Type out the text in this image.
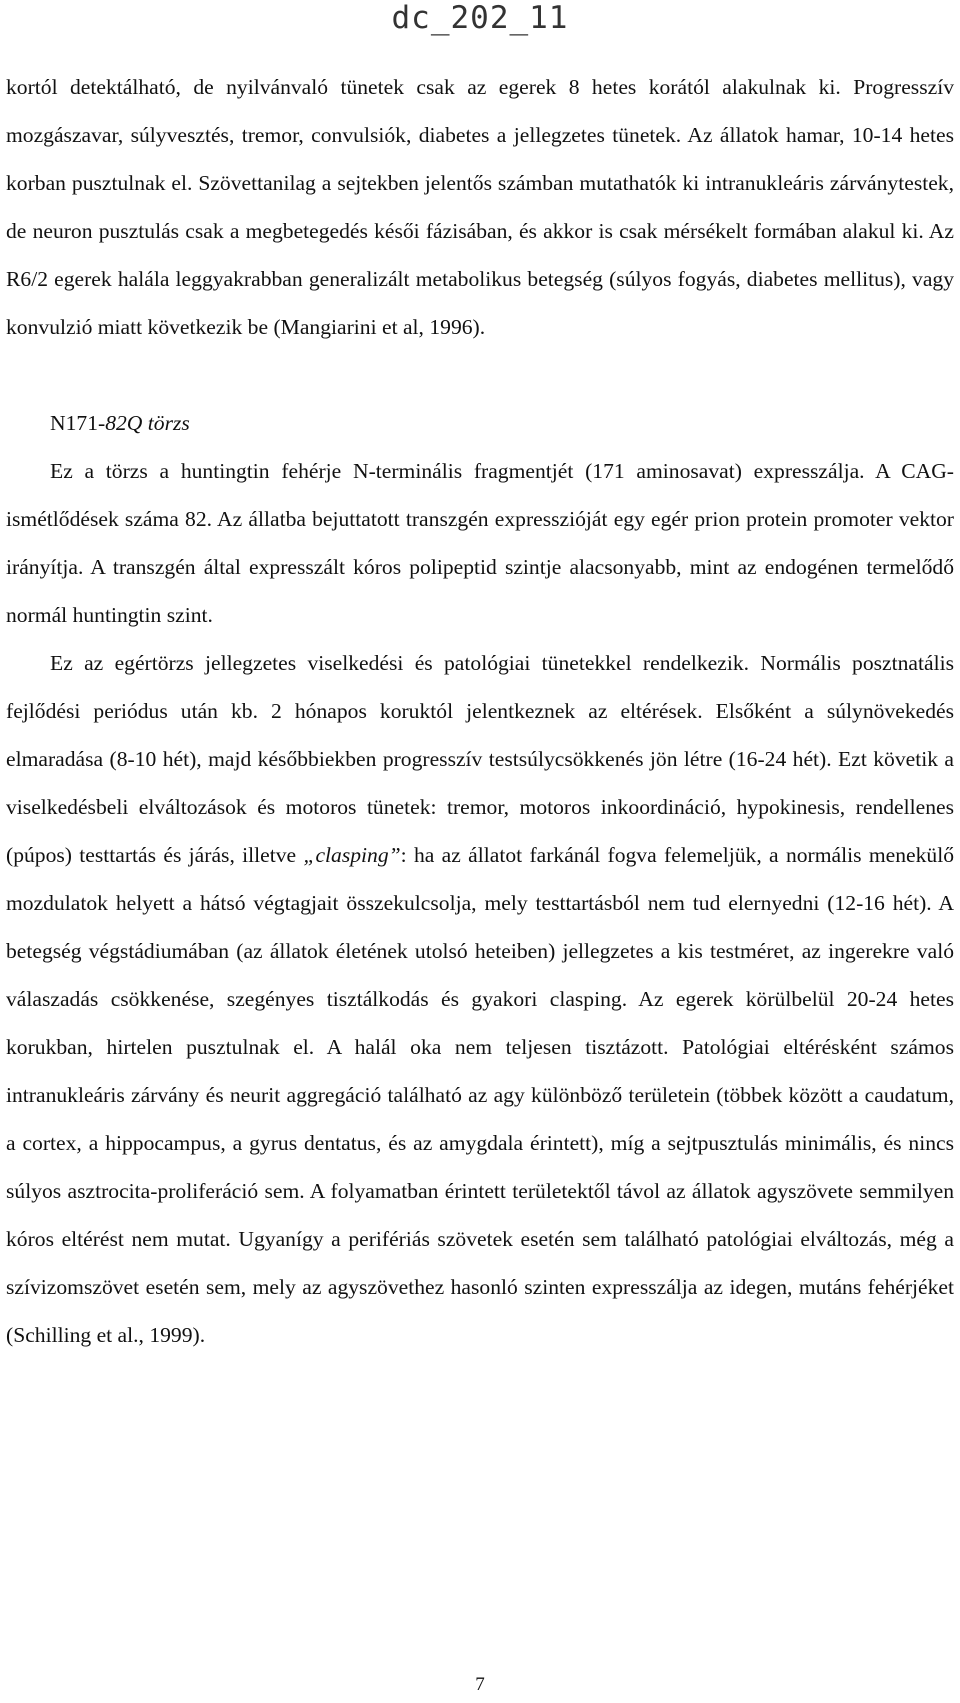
dc_202_11

kortól detektálható, de nyilvánvaló tünetek csak az egerek 8 hetes korától alakulnak ki. Progresszív mozgászavar, súlyvesztés, tremor, convulsiók, diabetes a jellegzetes tünetek. Az állatok hamar, 10-14 hetes korban pusztulnak el. Szövettanilag a sejtekben jelentős számban mutathatók ki intranukleáris zárványtestek, de neuron pusztulás csak a megbetegedés késői fázisában, és akkor is csak mérsékelt formában alakul ki. Az R6/2 egerek halála leggyakrabban generalizált metabolikus betegség (súlyos fogyás, diabetes mellitus), vagy konvulzió miatt következik be (Mangiarini et al, 1996).

N171-82Q törzs

Ez a törzs a huntingtin fehérje N-terminális fragmentjét (171 aminosavat) expresszálja. A CAG-ismétlődések száma 82. Az állatba bejuttatott transzgén expresszióját egy egér prion protein promoter vektor irányítja. A transzgén által expresszált kóros polipeptid szintje alacsonyabb, mint az endogénen termelődő normál huntingtin szint.

Ez az egértörzs jellegzetes viselkedési és patológiai tünetekkel rendelkezik. Normális posztnatális fejlődési periódus után kb. 2 hónapos koruktól jelentkeznek az eltérések. Elsőként a súlynövekedés elmaradása (8-10 hét), majd későbbiekben progresszív testsúlycsökkenés jön létre (16-24 hét). Ezt követik a viselkedésbeli elváltozások és motoros tünetek: tremor, motoros inkoordináció, hypokinesis, rendellenes (púpos) testtartás és járás, illetve „clasping”: ha az állatot farkánál fogva felemeljük, a normális menekülő mozdulatok helyett a hátsó végtagjait összekulcsolja, mely testtartásból nem tud elernyedni (12-16 hét). A betegség végstádiumában (az állatok életének utolsó heteiben) jellegzetes a kis testméret, az ingerekre való válaszadás csökkenése, szegényes tisztálkodás és gyakori clasping. Az egerek körülbelül 20-24 hetes korukban, hirtelen pusztulnak el. A halál oka nem teljesen tisztázott. Patológiai eltérésként számos intranukleáris zárvány és neurit aggregáció található az agy különböző területein (többek között a caudatum, a cortex, a hippocampus, a gyrus dentatus, és az amygdala érintett), míg a sejtpusztulás minimális, és nincs súlyos asztrocita-proliferáció sem. A folyamatban érintett területektől távol az állatok agyszövete semmilyen kóros eltérést nem mutat. Ugyanígy a perifériás szövetek esetén sem található patológiai elváltozás, még a szívizomszövet esetén sem, mely az agyszövethez hasonló szinten expresszálja az idegen, mutáns fehérjéket (Schilling et al., 1999).

7
